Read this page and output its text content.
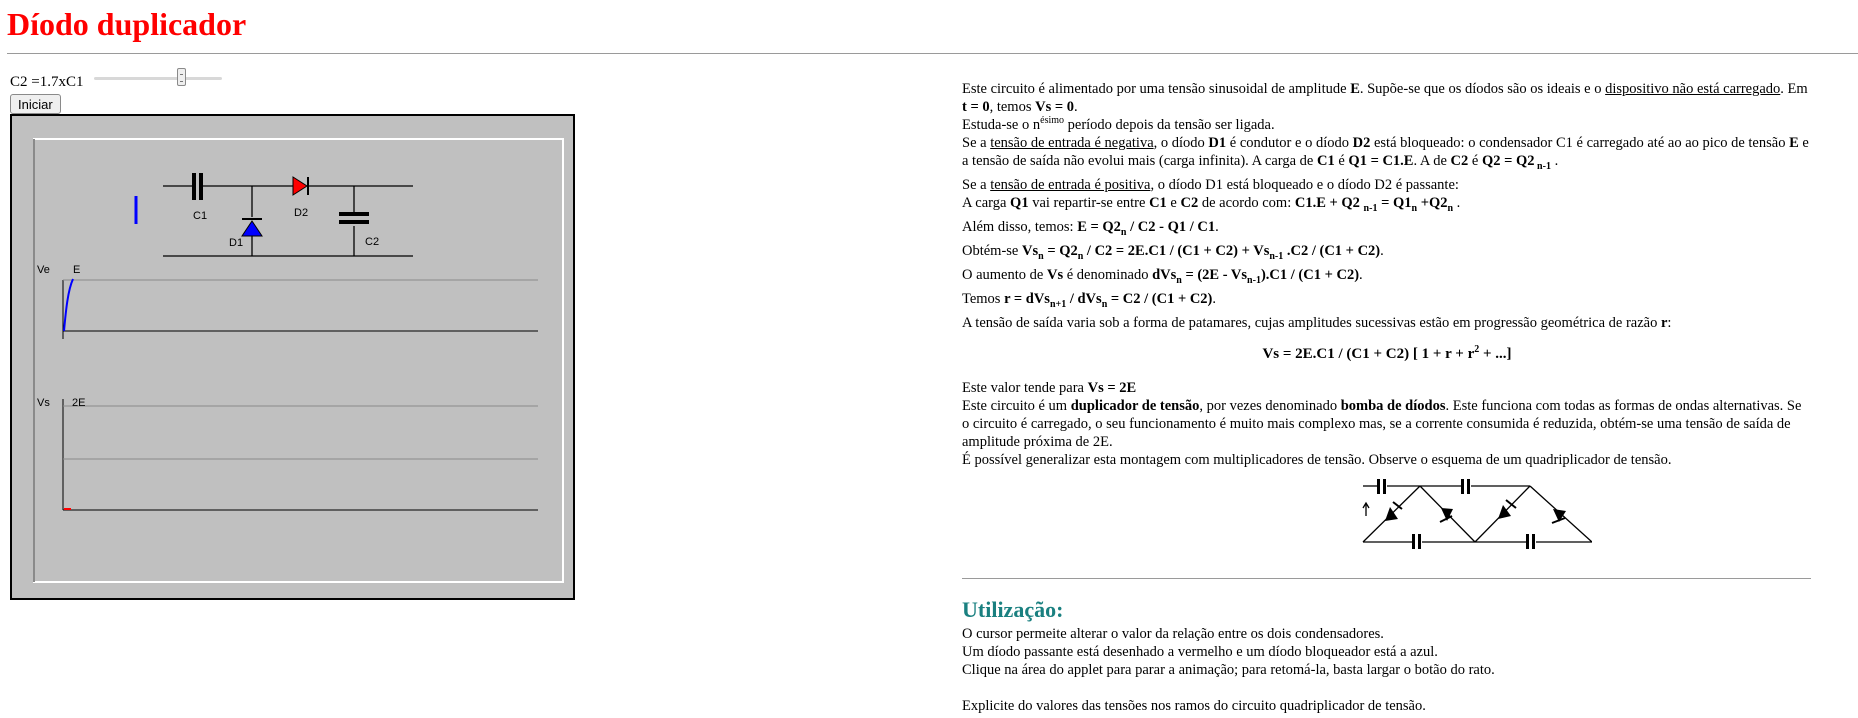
Díodo duplicador
C2 =1.7xC1
Iniciar
C1	D2
D1	C2
Ve E
Vs 2E

Este circuito é alimentado por uma tensão sinusoidal de amplitude E. Supõe-se que os díodos são os ideais e o dispositivo não está carregado. Em t = 0, temos Vs = 0.

Estuda-se o $n^{ésimo}$ período depois da tensão ser ligada.

Se a tensão de entrada é negativa, o díodo D1 é condutor e o díodo D2 está bloqueado: o condensador C1 é carregado até ao ao pico de tensão E e a tensão de saída não evolui mais (carga infinita). A carga de C1 é Q1 = C1.E. A de C2 é Q2 = Q2 $_{n-1}$ .

Se a tensão de entrada é positiva, o díodo D1 está bloqueado e o díodo D2 é passante:

A carga Q1 vai repartir-se entre C1 e C2 de acordo com: C1.E + Q2 $_{n-1} = Q1_n +Q2_n$ .

Além disso, temos: $E = Q2_n / C2 - Q1 / C1$.

Obtém-se $Vs_n = Q2_n / C2 = 2E.C1 / (C1 + C2) + Vs_{n-1}$ .C2 / (C1 + C2).

O aumento de Vs é denominado $dVs_n = (2E - Vs_{n-1}).C1 / (C1 + C2)$.

Temos r = dVs$_{n+1}$ / dVs$_n$ = C2 / (C1 + C2).

A tensão de saída varia sob a forma de patamares, cujas amplitudes sucessivas estão em progressão geométrica de razão r:

Vs = 2E.C1 / (C1 + C2) [ $1 + r + r^2$ + ...]

Este valor tende para Vs = 2E

Este circuito é um duplicador de tensão, por vezes denominado bomba de díodos. Este funciona com todas as formas de ondas alternativas. Se o circuito é carregado, o seu funcionamento é muito mais complexo mas, se a corrente consumida é reduzida, obtém-se uma tensão de saída de amplitude próxima de 2E.

É possível generalizar esta montagem com multiplicadores de tensão. Observe o esquema de um quadriplicador de tensão.

Utilização:

O cursor permeite alterar o valor da relação entre os dois condensadores.

Um díodo passante está desenhado a vermelho e um díodo bloqueador está a azul.

Clique na área do applet para parar a animação; para retomá-la, basta largar o botão do rato.

Explicite do valores das tensões nos ramos do circuito quadriplicador de tensão.
